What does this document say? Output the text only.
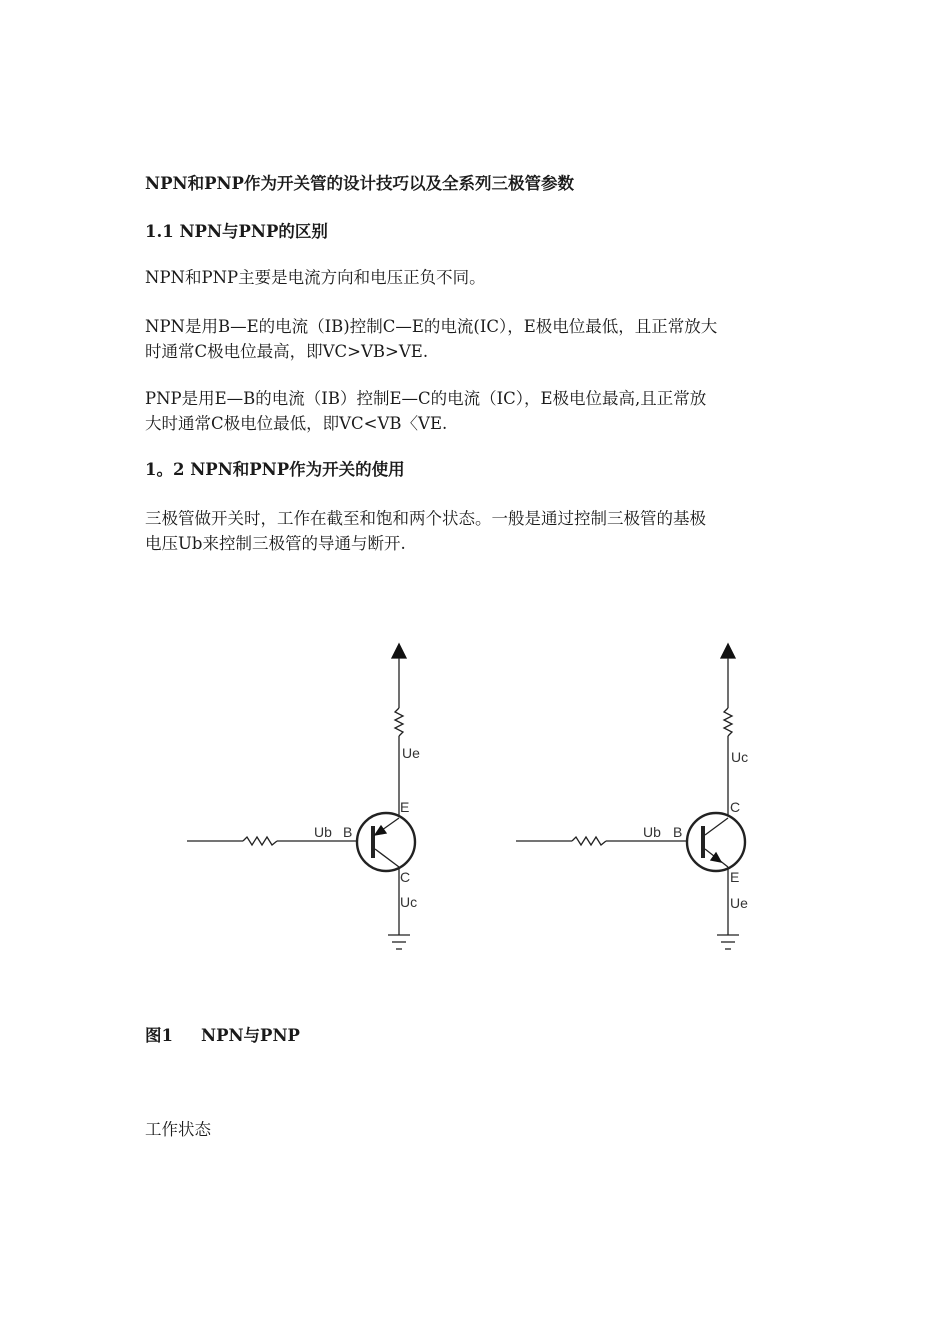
NPN和PNP作为开关管的设计技巧以及全系列三极管参数

1.1 NPN与PNP的区别

NPN和PNP主要是电流方向和电压正负不同。

NPN是用B—E的电流（IB)控制C—E的电流(IC），E极电位最低，且正常放大
时通常C极电位最高，即VC>VB>VE.
PNP是用E—B的电流（IB）控制E—C的电流（IC），E极电位最高,且正常放
大时通常C极电位最低，即VC<VB〈VE.

1。2 NPN和PNP作为开关的使用

三极管做开关时，工作在截至和饱和两个状态。一般是通过控制三极管的基极
电压Ub来控制三极管的导通与断开.
Ue
E
Ub B
C
Uc
Uc
C
Ub B
E
Ue
图1 NPN与PNP

工作状态
